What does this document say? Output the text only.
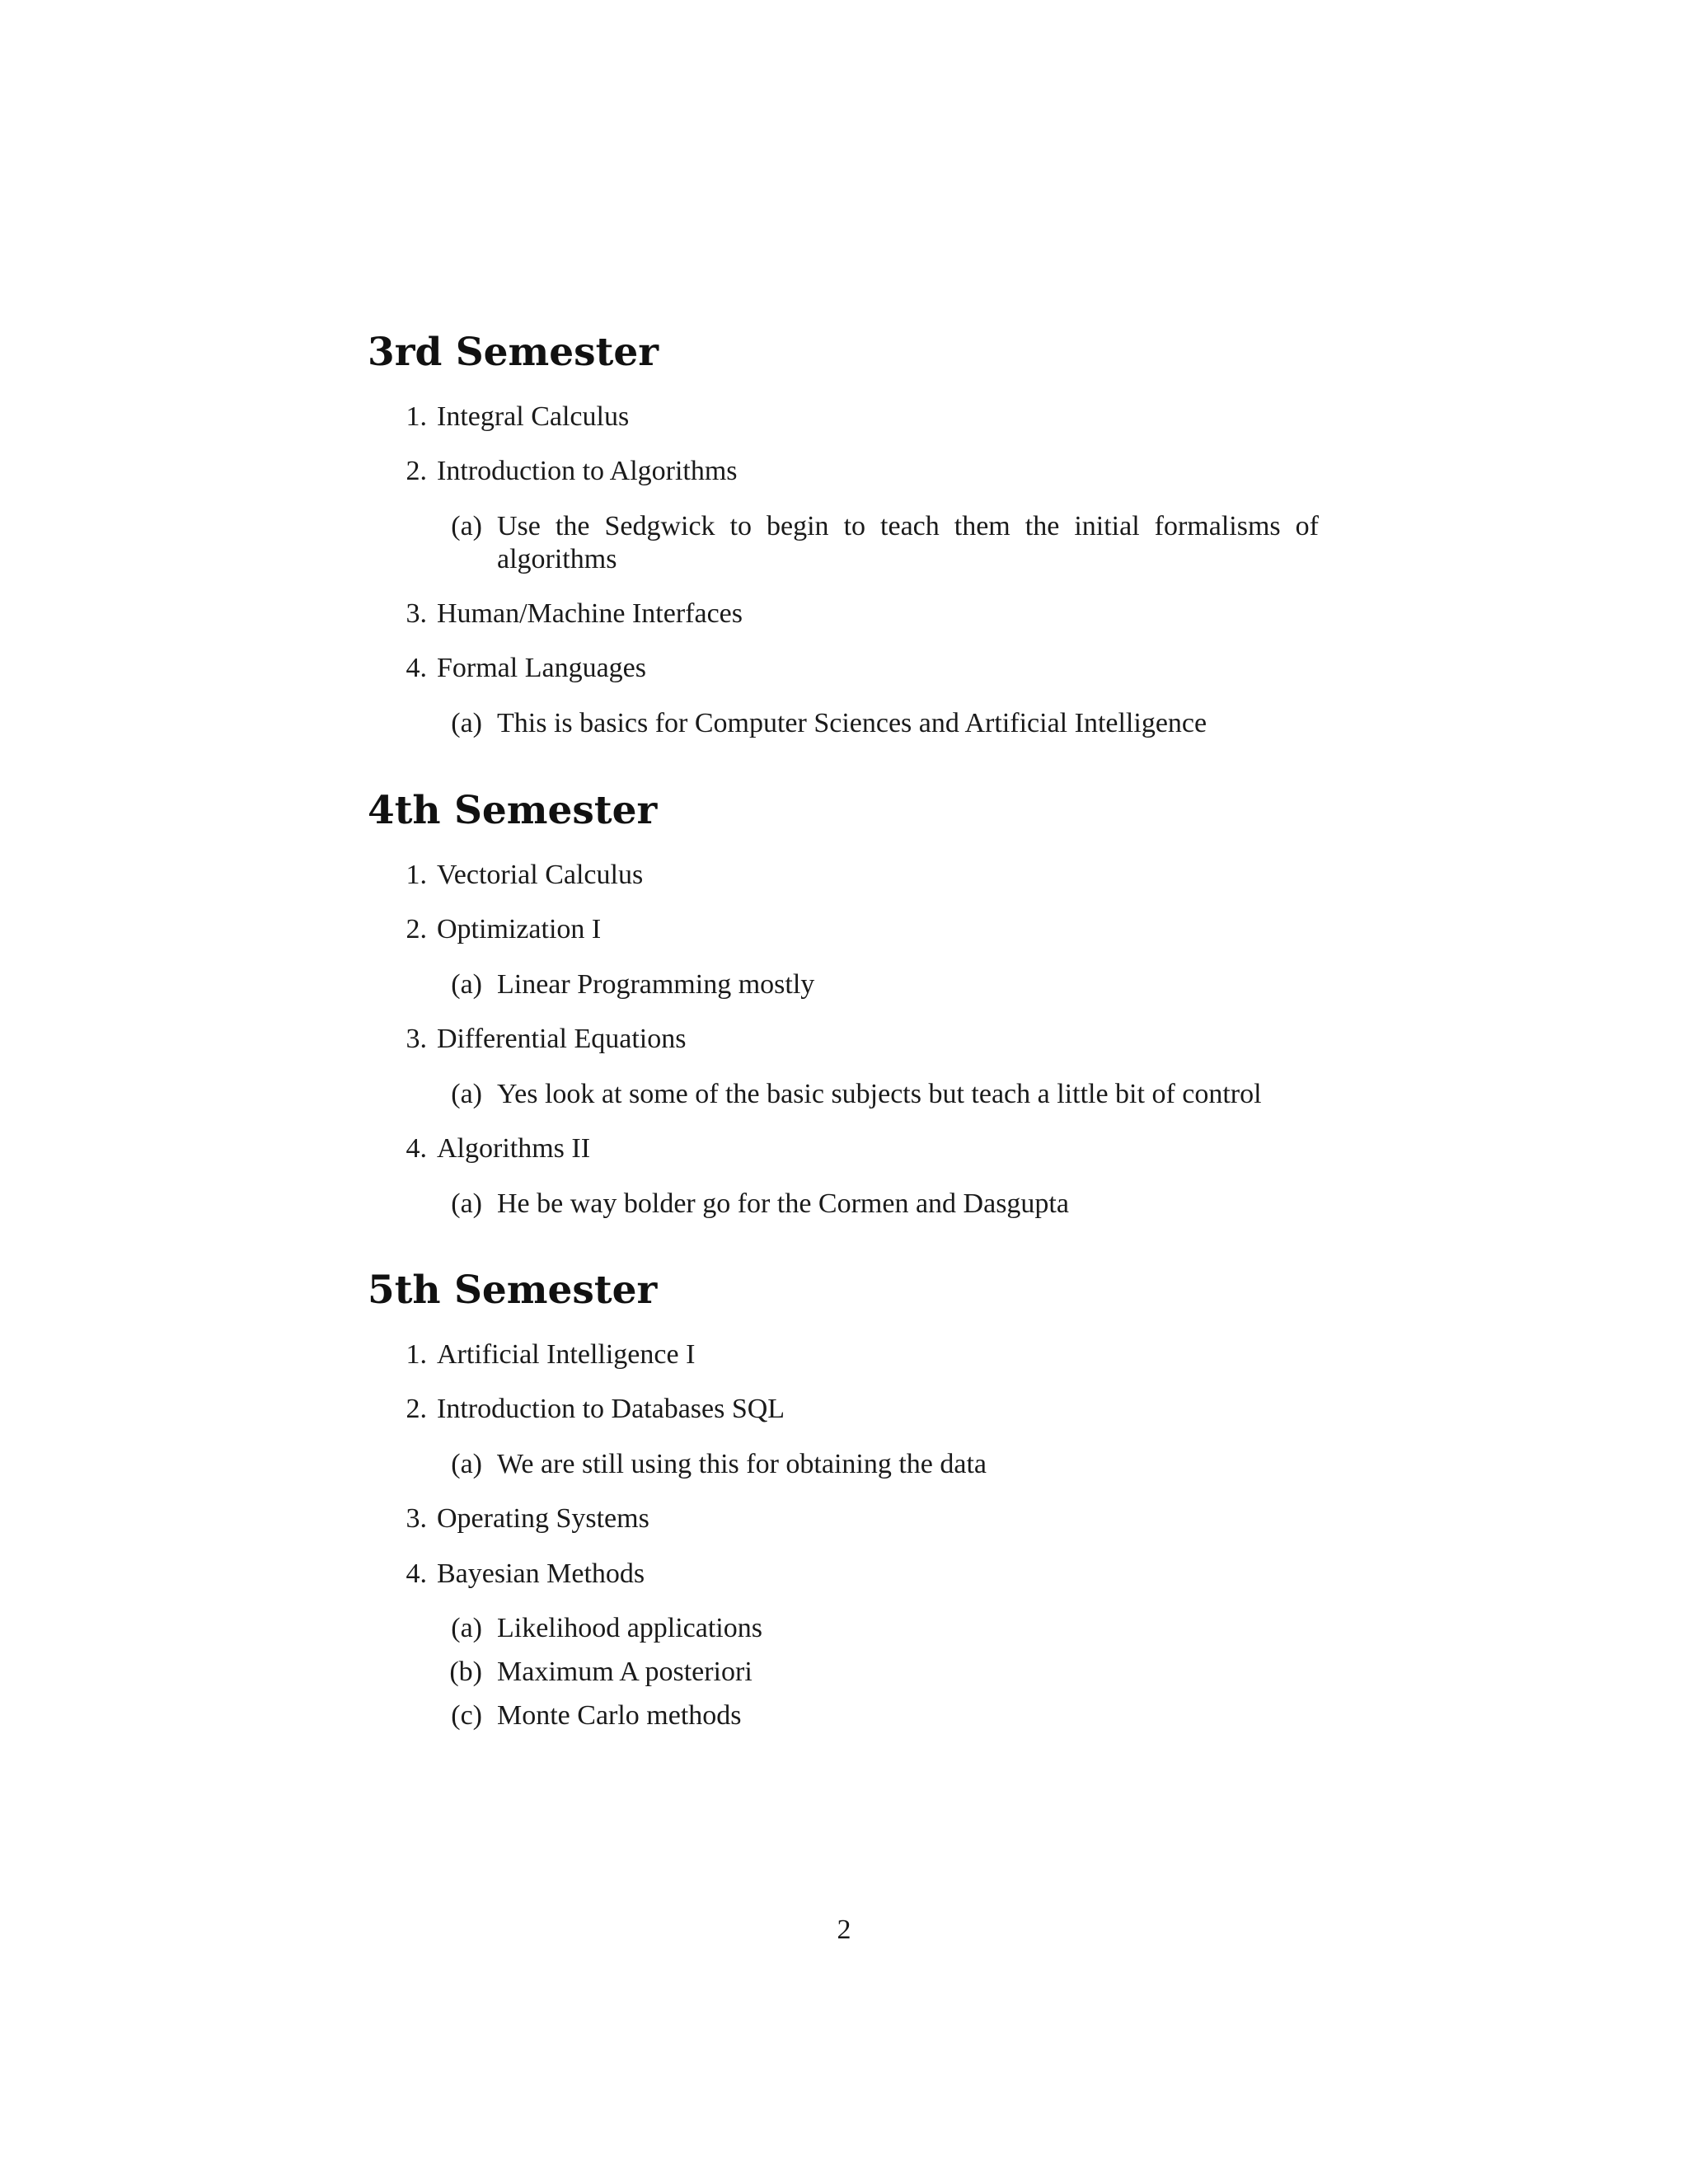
3rd Semester
1. Integral Calculus
2. Introduction to Algorithms
(a) Use the Sedgwick to begin to teach them the initial formalisms of algorithms
3. Human/Machine Interfaces
4. Formal Languages
(a) This is basics for Computer Sciences and Artificial Intelligence
4th Semester
1. Vectorial Calculus
2. Optimization I
(a) Linear Programming mostly
3. Differential Equations
(a) Yes look at some of the basic subjects but teach a little bit of control
4. Algorithms II
(a) He be way bolder go for the Cormen and Dasgupta
5th Semester
1. Artificial Intelligence I
2. Introduction to Databases SQL
(a) We are still using this for obtaining the data
3. Operating Systems
4. Bayesian Methods
(a) Likelihood applications
(b) Maximum A posteriori
(c) Monte Carlo methods
2
